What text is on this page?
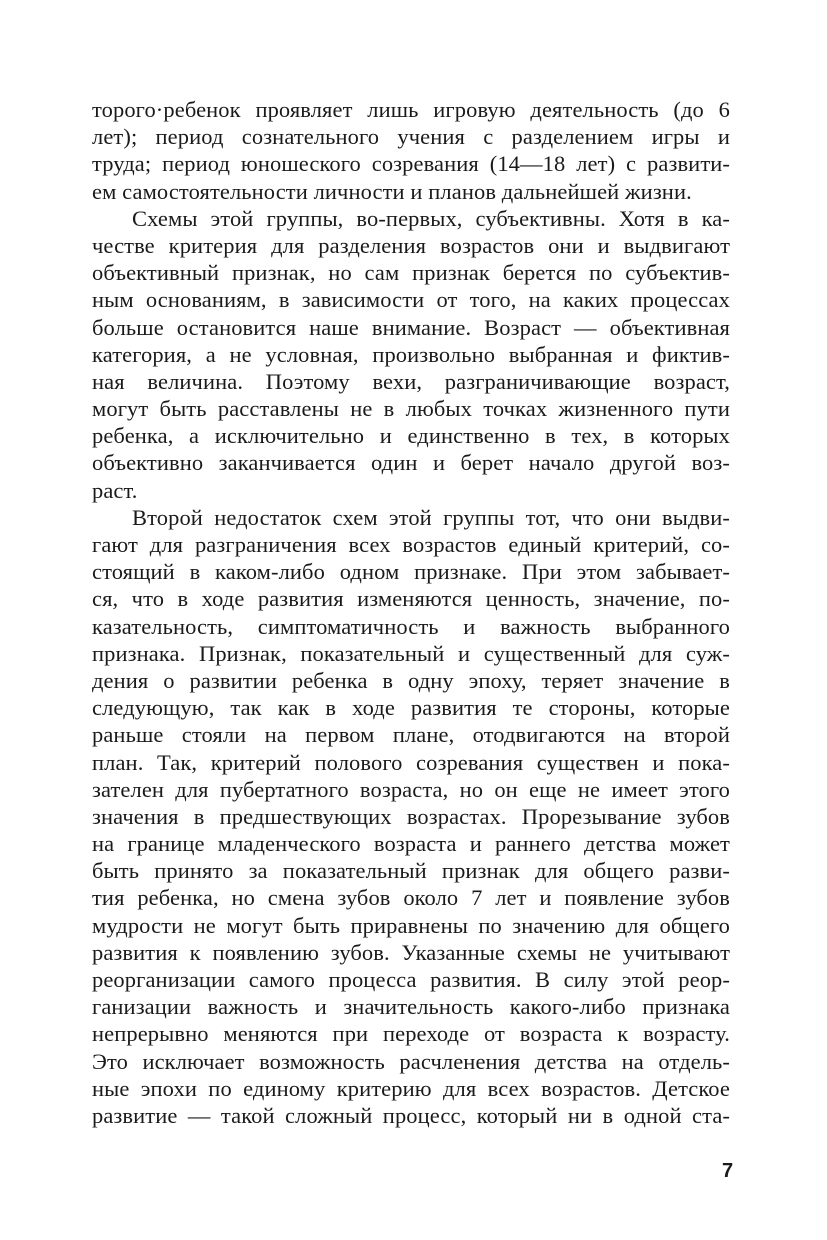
торого·ребенок проявляет лишь игровую деятельность (до 6
лет); период сознательного учения с разделением игры и
труда; период юношеского созревания (14—18 лет) с развити-
ем самостоятельности личности и планов дальнейшей жизни.
Схемы этой группы, во-первых, субъективны. Хотя в ка-
честве критерия для разделения возрастов они и выдвигают
объективный признак, но сам признак берется по субъектив-
ным основаниям, в зависимости от того, на каких процессах
больше остановится наше внимание. Возраст — объективная
категория, а не условная, произвольно выбранная и фиктив-
ная величина. Поэтому вехи, разграничивающие возраст,
могут быть расставлены не в любых точках жизненного пути
ребенка, а исключительно и единственно в тех, в которых
объективно заканчивается один и берет начало другой воз-
раст.
Второй недостаток схем этой группы тот, что они выдви-
гают для разграничения всех возрастов единый критерий, со-
стоящий в каком-либо одном признаке. При этом забывает-
ся, что в ходе развития изменяются ценность, значение, по-
казательность, симптоматичность и важность выбранного
признака. Признак, показательный и существенный для суж-
дения о развитии ребенка в одну эпоху, теряет значение в
следующую, так как в ходе развития те стороны, которые
раньше стояли на первом плане, отодвигаются на второй
план. Так, критерий полового созревания существен и пока-
зателен для пубертатного возраста, но он еще не имеет этого
значения в предшествующих возрастах. Прорезывание зубов
на границе младенческого возраста и раннего детства может
быть принято за показательный признак для общего разви-
тия ребенка, но смена зубов около 7 лет и появление зубов
мудрости не могут быть приравнены по значению для общего
развития к появлению зубов. Указанные схемы не учитывают
реорганизации самого процесса развития. В силу этой реор-
ганизации важность и значительность какого-либо признака
непрерывно меняются при переходе от возраста к возрасту.
Это исключает возможность расчленения детства на отдель-
ные эпохи по единому критерию для всех возрастов. Детское
развитие — такой сложный процесс, который ни в одной ста-
7
